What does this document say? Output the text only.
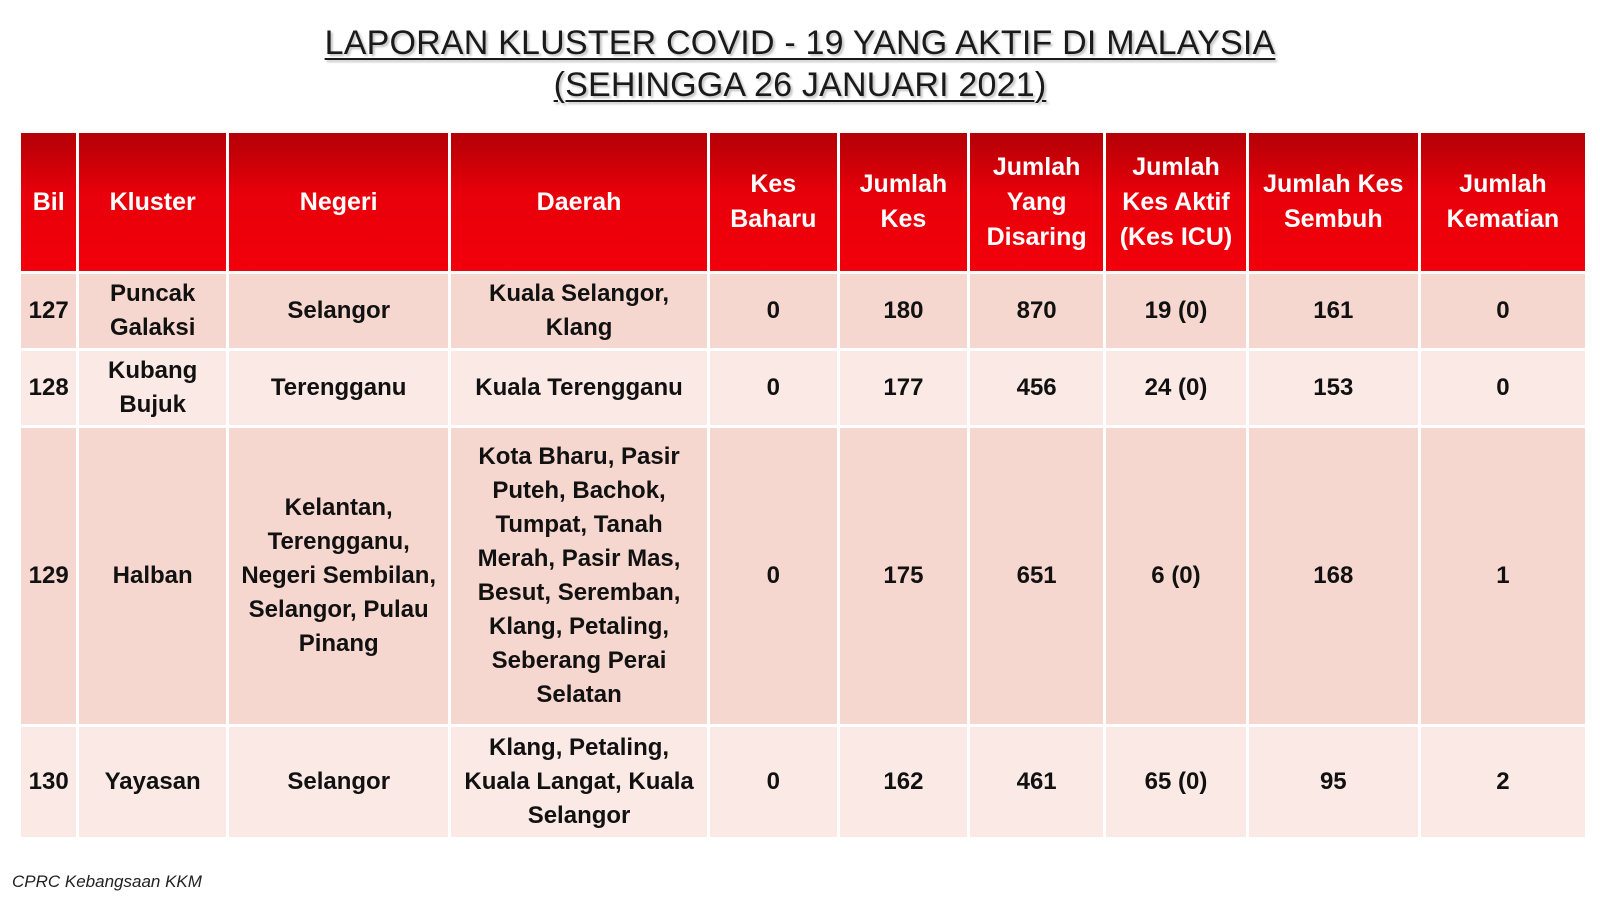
LAPORAN KLUSTER COVID - 19 YANG AKTIF DI MALAYSIA
(SEHINGGA 26 JANUARI 2021)
Bil	Kluster	Negeri	Daerah	Kes Baharu	Jumlah Kes	Jumlah Yang Disaring	Jumlah Kes Aktif (Kes ICU)	Jumlah Kes Sembuh	Jumlah Kematian
127	Puncak Galaksi	Selangor	Kuala Selangor, Klang	0	180	870	19 (0)	161	0
128	Kubang Bujuk	Terengganu	Kuala Terengganu	0	177	456	24 (0)	153	0
129	Halban	Kelantan, Terengganu, Negeri Sembilan, Selangor, Pulau Pinang	Kota Bharu, Pasir Puteh, Bachok, Tumpat, Tanah Merah, Pasir Mas, Besut, Seremban, Klang, Petaling, Seberang Perai Selatan	0	175	651	6 (0)	168	1
130	Yayasan	Selangor	Klang, Petaling, Kuala Langat, Kuala Selangor	0	162	461	65 (0)	95	2
CPRC Kebangsaan KKM
